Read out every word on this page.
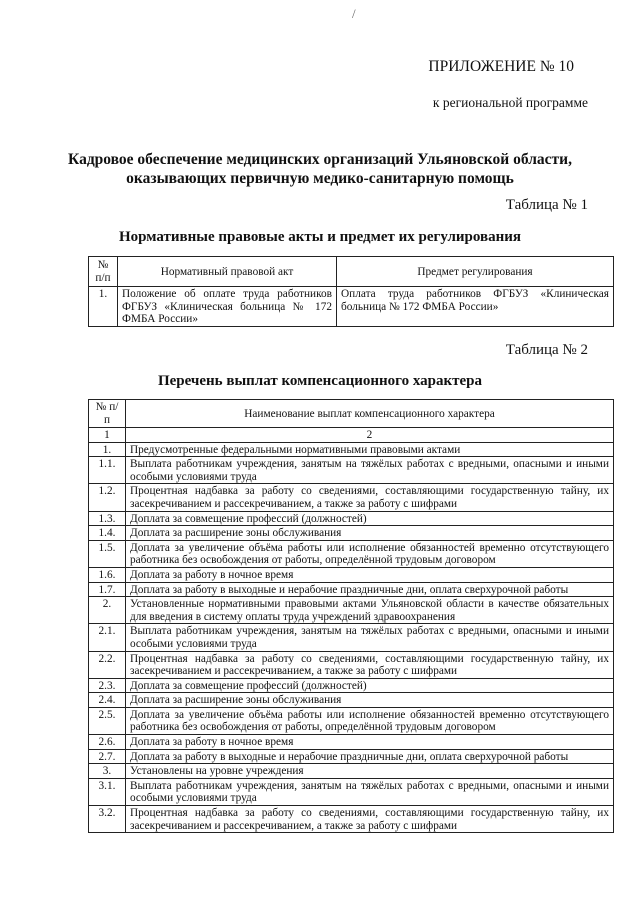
/
ПРИЛОЖЕНИЕ № 10
к региональной программе
Кадровое обеспечение медицинских организаций Ульяновской области,
оказывающих первичную медико-санитарную помощь
Таблица № 1
Нормативные правовые акты и предмет их регулирования
№ п/п	Нормативный правовой акт	Предмет регулирования
1.	Положение об оплате труда работников ФГБУЗ «Клиническая больница № 172 ФМБА России»	Оплата труда работников ФГБУЗ «Клиническая больница № 172 ФМБА России»
Таблица № 2
Перечень выплат компенсационного характера
№ п/п	Наименование выплат компенсационного характера
1	2
1.	Предусмотренные федеральными нормативными правовыми актами
1.1.	Выплата работникам учреждения, занятым на тяжёлых работах с вредными, опасными и иными особыми условиями труда
1.2.	Процентная надбавка за работу со сведениями, составляющими государственную тайну, их засекречиванием и рассекречиванием, а также за работу с шифрами
1.3.	Доплата за совмещение профессий (должностей)
1.4.	Доплата за расширение зоны обслуживания
1.5.	Доплата за увеличение объёма работы или исполнение обязанностей временно отсутствующего работника без освобождения от работы, определённой трудовым договором
1.6.	Доплата за работу в ночное время
1.7.	Доплата за работу в выходные и нерабочие праздничные дни, оплата сверхурочной работы
2.	Установленные нормативными правовыми актами Ульяновской области в качестве обязательных для введения в систему оплаты труда учреждений здравоохранения
2.1.	Выплата работникам учреждения, занятым на тяжёлых работах с вредными, опасными и иными особыми условиями труда
2.2.	Процентная надбавка за работу со сведениями, составляющими государственную тайну, их засекречиванием и рассекречиванием, а также за работу с шифрами
2.3.	Доплата за совмещение профессий (должностей)
2.4.	Доплата за расширение зоны обслуживания
2.5.	Доплата за увеличение объёма работы или исполнение обязанностей временно отсутствующего работника без освобождения от работы, определённой трудовым договором
2.6.	Доплата за работу в ночное время
2.7.	Доплата за работу в выходные и нерабочие праздничные дни, оплата сверхурочной работы
3.	Установлены на уровне учреждения
3.1.	Выплата работникам учреждения, занятым на тяжёлых работах с вредными, опасными и иными особыми условиями труда
3.2.	Процентная надбавка за работу со сведениями, составляющими государственную тайну, их засекречиванием и рассекречиванием, а также за работу с шифрами
